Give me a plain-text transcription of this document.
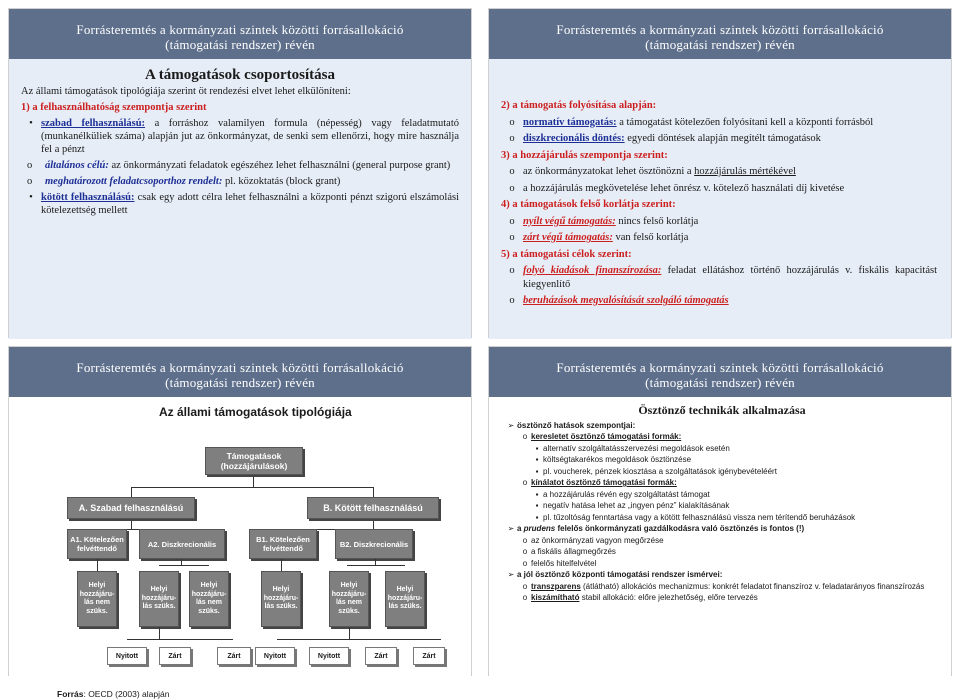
Forrásteremtés a kormányzati szintek közötti forrásallokáció
(támogatási rendszer) révén

A támogatások csoportosítása

Az állami támogatások tipológiája szerint öt rendezési elvet lehet elkülöníteni:

1) a felhasználhatóság szempontja szerint

• szabad felhasználású: a forráshoz valamilyen formula (népesség) vagy feladatmutató (munkanélküliek száma) alapján jut az önkormányzat, de senki sem ellenőrzi, hogy mire használja fel a pénzt
o	általános célú: az önkormányzati feladatok egészéhez lehet felhasználni (general purpose grant)
o	meghatározott feladatcsoporthoz rendelt: pl. közoktatás (block grant)
• kötött felhasználású: csak egy adott célra lehet felhasználni a központi pénzt szigorú elszámolási kötelezettség mellett
Forrásteremtés a kormányzati szintek közötti forrásallokáció
(támogatási rendszer) révén

2) a támogatás folyósítása alapján:

o normatív támogatás: a támogatást kötelezően folyósítani kell a központi forrásból
o diszkrecionális döntés: egyedi döntések alapján megítélt támogatások

3) a hozzájárulás szempontja szerint:

o az önkormányzatokat lehet ösztönözni a hozzájárulás mértékével
o a hozzájárulás megkövetelése lehet önrész v. kötelező használati díj kivetése

4) a támogatások felső korlátja szerint:

o nyílt végű támogatás: nincs felső korlátja
o zárt végű támogatás: van felső korlátja

5) a támogatási célok szerint:

o folyó kiadások finanszírozása: feladat ellátáshoz történő hozzájárulás v. fiskális kapacitást kiegyenlítő
o beruházások megvalósítását szolgáló támogatás
Forrásteremtés a kormányzati szintek közötti forrásallokáció
(támogatási rendszer) révén
Az állami támogatások tipológiája
Támogatások (hozzájárulások)
A. Szabad felhasználású	B. Kötött felhasználású
A1. Kötelezően felvéttendő	A2. Diszkrecionális	B1. Kötelezően felvéttendő	B2. Diszkrecionális
Helyi hozzájáru-lás nem szüks.
Helyi hozzájáru-lás szüks.
Helyi hozzájáru-lás nem szüks.
Helyi hozzájáru-lás szüks.
Helyi hozzájáru-lás nem szüks.
Helyi hozzájáru-lás szüks.
Nyitott	Zárt	Zárt	Nyitott	Nyitott	Zárt	Zárt
Forrás: OECD (2003) alapján
Forrásteremtés a kormányzati szintek közötti forrásallokáció
(támogatási rendszer) révén

Ösztönző technikák alkalmazása

➢ ösztönző hatások szempontjai:
o keresletet ösztönző támogatási formák:
▪ alternatív szolgáltatásszervezési megoldások esetén
▪ költségtakarékos megoldások ösztönzése
▪ pl. voucherek, pénzek kiosztása a szolgáltatások igénybevételéért
o kínálatot ösztönző támogatási formák:
▪ a hozzájárulás révén egy szolgáltatást támogat
▪ negatív hatása lehet az „ingyen pénz” kialakításának
▪ pl. tűzoltóság fenntartása vagy a kötött felhasználású vissza nem térítendő beruházások
➢ a prudens felelős önkormányzati gazdálkodásra való ösztönzés is fontos (!)
o az önkormányzati vagyon megőrzése
o a fiskális állagmegőrzés
o felelős hitelfelvétel
➢ a jól ösztönző központi támogatási rendszer ismérvei:
o transzparens (átlátható) allokációs mechanizmus: konkrét feladatot finanszíroz v. feladatarányos finanszírozás
o kiszámítható stabil allokáció: előre jelezhetőség, előre tervezés
